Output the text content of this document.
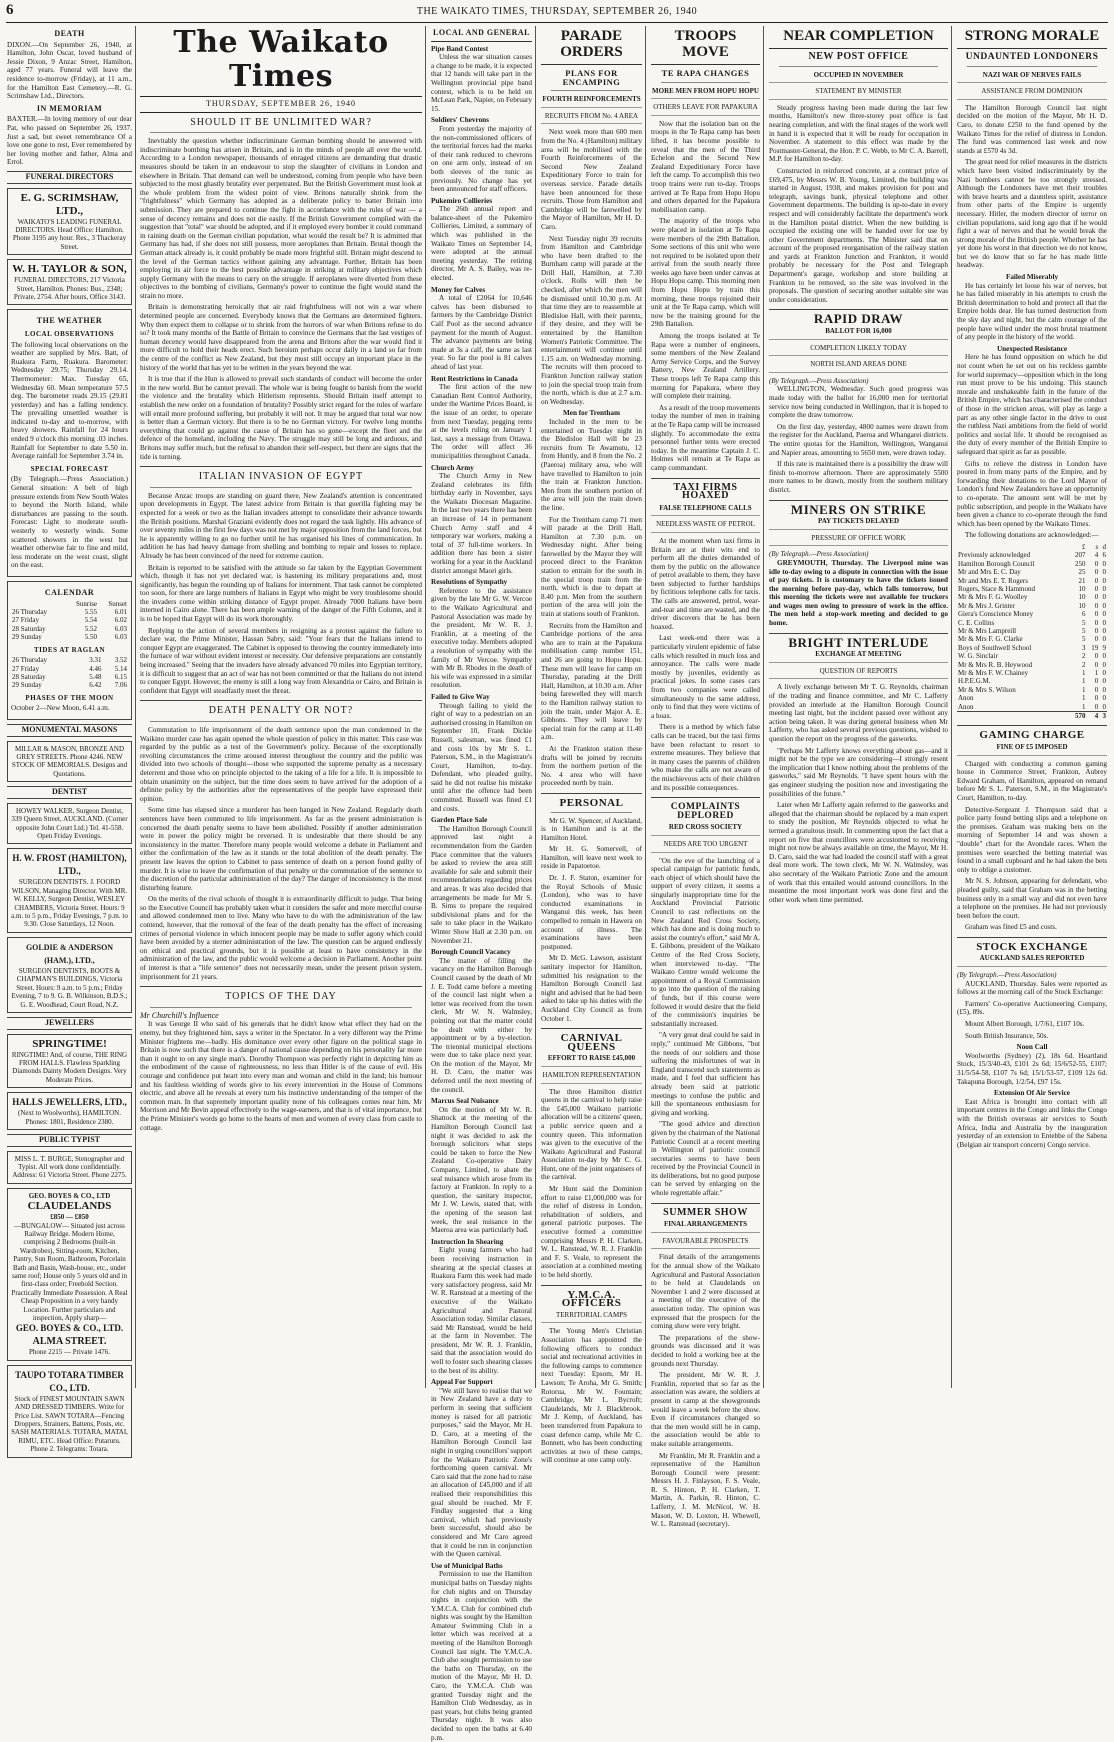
6	THE WAIKATO TIMES, THURSDAY, SEPTEMBER 26, 1940
DEATH

DIXON.—On September 26, 1940, at Hamilton, John Oscar, loved husband of Jessie Dixon, 9 Anzac Street, Hamilton, aged 77 years. Funeral will leave the residence to-morrow (Friday), at 11 a.m., for the Hamilton East Cemetery.—R. G. Scrimshaw Ltd., Directors.

IN MEMORIAM

BAXTER.—In loving memory of our dear Pat, who passed on September 26, 1937. Just a sad, but sweet remembrance Of a love one gone to rest, Ever remembered by her loving mother and father, Alma and Errol.

FUNERAL DIRECTORS
E. G. SCRIMSHAW, LTD.,
WAIKATO'S LEADING FUNERAL DIRECTORS. Head Office: Hamilton. Phone 3195 any hour. Res., 3 Thackeray Street.
W. H. TAYLOR & SON,
FUNERAL DIRECTORS, 217 Victoria Street, Hamilton. Phones: Bus., 2348; Private, 2754. After hours, Office 3143.
THE WEATHER
LOCAL OBSERVATIONS

The following local observations on the weather are supplied by Mrs. Batt, of Ruakura Farm, Ruakura. Barometer: Wednesday 29.75; Thursday 29.14. Thermometer: Max. Tuesday 65, Wednesday 60. Mean temperature 57.5 deg. The barometer reads 29.15 (29.81 yesterday) and has a falling tendency. The prevailing unsettled weather is indicated to-day and to-morrow, with heavy showers. Rainfall for 24 hours ended 9 o'clock this morning .03 inches. Rainfall for September to date 5.50 in. Average rainfall for September 3.74 in.

SPECIAL FORECAST

(By Telegraph.—Press Association.) General situation: A belt of high pressure extends from New South Wales to beyond the North Island, while disturbances are passing to the south. Forecast: Light to moderate south-westerly to westerly winds. Some scattered showers in the west but weather otherwise fair to fine and mild, less moderate on the west coast, slight on the east.

CALENDAR
	Sunrise	Sunset
26 Thursday	5.55	6.01
27 Friday	5.54	6.02
28 Saturday	5.52	6.03
29 Sunday	5.50	6.03
TIDES AT RAGLAN
26 Thursday	3.31	3.52
27 Friday	4.46	5.14
28 Saturday	5.48	6.15
29 Sunday	6.42	7.06
PHASES OF THE MOON

October 2—New Moon, 6.41 a.m.

MONUMENTAL MASONS
MILLAR & MASON, BRONZE AND GREY STREETS. Phone 4246. NEW STOCK OF MEMORIALS. Designs and Quotations.
DENTIST
HOWEY WALKER, Surgeon Dentist, 339 Queen Street, AUCKLAND. (Corner opposite John Court Ltd.) Tel. 41-558. Open Friday Evenings.
H. W. FROST (HAMILTON), LTD.,
SURGEON DENTISTS. J. FOORD WILSON, Managing Director. With MR. W. KELLY, Surgeon Dentist, WESLEY CHAMBERS, Victoria Street. Hours: 9 a.m. to 5 p.m., Friday Evenings, 7 p.m. to 9.30. Close Saturdays, 12 Noon.
GOLDIE & ANDERSON (HAM.), LTD.,
SURGEON DENTISTS, BOOTS & CHAPMAN'S BUILDINGS, Victoria Street. Hours: 9 a.m. to 5 p.m.; Friday Evening, 7 to 9. G. B. Wilkinson, B.D.S.; G. E. Woodhead, Court Road, N.Z.
JEWELLERS
SPRINGTIME!
RINGTIME! And, of course, THE RING FROM HALLS. Flawless Sparkling Diamonds Dainty Modern Designs. Very Moderate Prices.
HALLS JEWELLERS, LTD.,
(Next to Woolworths), HAMILTON. Phones: 1801, Residence 2380.
PUBLIC TYPIST
MISS L. T. BURGE, Stenographer and Typist. All work done confidentially. Address: 61 Victoria Street. Phone 2275.
GEO. BOYES & CO., LTD
CLAUDELANDS
£850 — £850
—BUNGALOW— Situated just across Railway Bridge. Modern Home, comprising 2 Bedrooms (built-in Wardrobes), Sitting-room, Kitchen, Pantry, Sun Room, Bathroom, Porcelain Bath and Basin, Wash-house, etc., under same roof; House only 5 years old and in first-class order; Freehold Section. Practically Immediate Possession. A Real Cheap Proposition in a very handy Location. Further particulars and inspection, Apply sharp—
GEO. BOYES & CO., LTD.
ALMA STREET.
Phone 2215 — Private 1476.
TAUPO TOTARA TIMBER CO., LTD.
Stock of FINEST MOUNTAIN SAWN AND DRESSED TIMBERS. Write for Price List. SAWN TOTARA—Fencing Droppers, Strainers, Battens, Posts, etc. SASH MATERIALS. TOTARA, MATAI, RIMU, ETC. Head Office: Putaruru. Phone 2. Telegrams: Totara.
The Waikato Times
THURSDAY, SEPTEMBER 26, 1940
SHOULD IT BE UNLIMITED WAR?

Inevitably the question whether indiscriminate German bombing should be answered with indiscriminate bombing has arisen in Britain, and is in the minds of people all over the world. According to a London newspaper, thousands of enraged citizens are demanding that drastic measures should be taken in an endeavour to stop the slaughter of civilians in London and elsewhere in Britain. That demand can well be understood, coming from people who have been subjected to the most ghastly brutality ever perpetrated. But the British Government must look at the whole problem from the widest point of view. Britons naturally shrink from the "frightfulness" which Germany has adopted as a deliberate policy to batter Britain into submission. They are prepared to continue the fight in accordance with the rules of war — a sense of decency remains and does not die easily. If the British Government complied with the suggestion that "total" war should be adopted, and if it employed every bomber it could command in raining death on the German civilian population, what would the result be? It is admitted that Germany has had, if she does not still possess, more aeroplanes than Britain. Brutal though the German attack already is, it could probably be made more frightful still. Britain might descend to the level of the German tactics without gaining any advantage. Further, Britain has been employing its air force to the best possible advantage in striking at military objectives which supply Germany with the means to carry on the struggle. If aeroplanes were diverted from these objectives to the bombing of civilians, Germany's power to continue the fight would stand the strain no more.

Britain is demonstrating heroically that air raid frightfulness will not win a war where determined people are concerned. Everybody knows that the Germans are determined fighters. Why then expect them to collapse or to shrink from the horrors of war when Britons refuse to do so? It took many months of the Battle of Britain to convince the Germans that the last vestiges of human decency would have disappeared from the arena and Britons after the war would find it more difficult to hold their heads erect. Such heroism perhaps occur daily in a land so far from the centre of the conflict as New Zealand, but they must still occupy an important place in the history of the world that has yet to be written in the years beyond the war.

It is true that if the Hun is allowed to prevail such standards of conduct will become the order in the new world. But he cannot prevail. The whole war is being fought to banish from the world the violence and the brutality which Hitlerism represents. Should Britain itself attempt to establish the new order on a foundation of brutality? Possibly strict regard for the rules of warfare will entail more profound suffering, but probably it will not. It may be argued that total war now is better than a German victory. But there is to be no German victory. For twelve long months everything that could go against the cause of Britain has so gone—except the fleet and the defence of the homeland, including the Navy. The struggle may still be long and arduous, and Britons may suffer much, but the refusal to abandon their self-respect, but there are signs that the tide is turning.

ITALIAN INVASION OF EGYPT

Because Anzac troops are standing on guard there, New Zealand's attention is concentrated upon developments in Egypt. The latest advice from Britain is that guerilla fighting may be expected for a week or two as the Italian invaders attempt to consolidate their advance towards the British positions. Marshal Graziani evidently does not regard the task lightly. His advance of over seventy miles in the first few days was not met by major opposition from the land forces, but he is apparently willing to go no further until he has organised his lines of communication. In addition he has had heavy damage from shelling and bombing to repair and losses to replace. Already he has been convinced of the need for extreme caution.

Britain is reported to be satisfied with the attitude so far taken by the Egyptian Government which, though it has not yet declared war, is hastening its military preparations and, most significantly, has begun the rounding up of Italians for internment. That task cannot be completed too soon, for there are large numbers of Italians in Egypt who might be very troublesome should the invaders come within striking distance of Egypt proper. Already 7000 Italians have been interned in Cairo alone. There has been ample warning of the danger of the Fifth Column, and it is to be hoped that Egypt will do its work thoroughly.

Replying to the action of several members in resigning as a protest against the failure to declare war, the Prime Minister, Hassan Sabry, said: "Your fears that the Italians intend to conquer Egypt are exaggerated. The Cabinet is opposed to throwing the country immediately into the furnace of war without evident interest or necessity. Our defensive preparations are constantly being increased." Seeing that the invaders have already advanced 70 miles into Egyptian territory, it is difficult to suggest that an act of war has not been committed or that the Italians do not intend to conquer Egypt. However, the enemy is still a long way from Alexandria or Cairo, and Britain is confident that Egypt will steadfastly meet the threat.

DEATH PENALTY OR NOT?

Commutation to life imprisonment of the death sentence upon the man condemned in the Waikino murder case has again opened the whole question of policy in this matter. This case was regarded by the public as a test of the Government's policy. Because of the exceptionally revolting circumstances the crime aroused interest throughout the country and the public was divided into two schools of thought—those who supported the supreme penalty as a necessary deterrent and those who on principle objected to the taking of a life for a life. It is impossible to obtain unanimity on the subject, but the time does seem to have arrived for the adoption of a definite policy by the authorities after the representatives of the people have expressed their opinion.

Some time has elapsed since a murderer has been hanged in New Zealand. Regularly death sentences have been commuted to life imprisonment. As far as the present administration is concerned the death penalty seems to have been abolished. Possibly if another administration were in power the policy might be reversed. It is undesirable that there should be any inconsistency in the matter. Therefore many people would welcome a debate in Parliament and either the confirmation of the law as it stands or the total abolition of the death penalty. The present law leaves the option to Cabinet to pass sentence of death on a person found guilty of murder. It is wise to leave the confirmation of that penalty or the commutation of the sentence to the discretion of the particular administration of the day? The danger of inconsistency is the most disturbing feature.

On the merits of the rival schools of thought it is extraordinarily difficult to judge. That being so the Executive Council has probably taken what it considers the safer and more merciful course and allowed condemned men to live. Many who have to do with the administration of the law contend, however, that the removal of the fear of the death penalty has the effect of increasing crimes of personal violence in which innocent people may be made to suffer agony which could have been avoided by a sterner administration of the law. The question can be argued endlessly on ethical and practical grounds, but it is possible at least to have consistency in the administration of the law, and the public would welcome a decision in Parliament. Another point of interest is that a "life sentence" does not necessarily mean, under the present prison system, imprisonment for 21 years.

TOPICS OF THE DAY
Mr Churchill's Influence

It was George II who said of his generals that he didn't know what effect they had on the enemy, but they frightened him, says a writer in the Spectator. In a very different way the Prime Minister frightens me—badly. His dominance over every other figure on the political stage in Britain is now such that there is a danger of national cause depending on his personality far more than it ought to on any single man's. Dorothy Thompson was perfectly right in depicting him as the embodiment of the cause of righteousness, no less than Hitler is of the cause of evil. His courage and confidence put heart into every man and woman and child in the land; his humour and his faultless wielding of words give to his every intervention in the House of Commons electric, and above all he reveals at every turn his instinctive understanding of the temper of the common man. In that supremely important quality none of his colleagues comes near him. Mr Morrison and Mr Bevin appeal effectively to the wage-earners, and that is of vital importance, but the Prime Minister's words go home to the hearts of men and women of every class from castle to cottage.

LOCAL AND GENERAL
Pipe Band Contest

Unless the war situation causes a change to be made, it is expected that 12 bands will take part in the Wellington provincial pipe band contest, which is to be held on McLean Park, Napier, on February 15.

Soldiers' Chevrons

From yesterday the majority of the non-commissioned officers of the territorial forces had the marks of their rank reduced to chevrons on one arm only, instead of on both sleeves of the tunic as previously. No change has yet been announced for staff officers.

Pukemiro Collieries

The 26th annual report and balance-sheet of the Pukemiro Collieries, Limited, a summary of which was published in the Waikato Times on September 14, were adopted at the annual meeting yesterday. The retiring director, Mr A. S. Bailey, was re-elected.

Money for Calves

A total of £2064 for 10,646 calves has been disbursed to farmers by the Cambridge District Calf Pool as the second advance payment for the month of August. The advance payments are being made at 3s a calf, the same as last year. So far the pool is 81 calves ahead of last year.

Rent Restrictions in Canada

The first action of the new Canadian Rent Control Authority, under the Wartime Prices Board, is the issue of an order, to operate from next Tuesday, pegging rents at the levels ruling on January 1 last, says a message from Ottawa. The order will affect 36 municipalities throughout Canada.

Church Army

The Church Army in New Zealand celebrates its fifth birthday early in November, says the Waikato Diocesan Magazine. In the last two years there has been an increase of 14 in permanent Church Army staff and 4 temporary war workers, making a total of 37 full-time workers. In addition there has been a sister working for a year in the Auckland district amongst Maori girls.

Resolutions of Sympathy

Reference to the assistance given by the late Mr G. W. Vercoe to the Waikato Agricultural and Pastoral Association was made by the president, Mr W. R. J. Franklin, at a meeting of the executive today. Members adopted a resolution of sympathy with the family of Mr Vercoe. Sympathy with Mr B. Rhodes in the death of his wife was expressed in a similar resolution.

Failed to Give Way

Through failing to yield the right of way to a pedestrian on an authorised crossing in Hamilton on September 10, Frank Dickie Russell, salesman, was fined £1 and costs 10s by Mr S. L. Paterson, S.M., in the Magistrate's Court, Hamilton, to-day. Defendant, who pleaded guilty, said he did not realise his mistake until after the offence had been committed. Russell was fined £1 and costs.

Garden Place Sale

The Hamilton Borough Council approved last night a recommendation from the Garden Place committee that the valuers be asked to review the area still available for sale and submit their recommendations regarding prices and areas. It was also decided that arrangements be made for Mr S. B. Sims to prepare the required subdivisional plans and for the sale to take place in the Waikato Winter Show Hall at 2.30 p.m. on November 21.

Borough Council Vacancy

The matter of filling the vacancy on the Hamilton Borough Council caused by the death of Mr J. E. Todd came before a meeting of the council last night when a letter was received from the town clerk, Mr W. N. Walmsley, pointing out that the matter could be dealt with either by appointment or by a by-election. The triennial municipal elections were due to take place next year. On the motion of the Mayor, Mr H. D. Caro, the matter was deferred until the next meeting of the council.

Marcus Seal Nuisance

On the motion of Mr W. R. Shattock at the meeting of the Hamilton Borough Council last night it was decided to ask the borough solicitors what steps could be taken to force the New Zealand Co-operative Dairy Company, Limited, to abate the seal nuisance which arose from its factory at Frankton. In reply to a question, the sanitary inspector, Mr J. W. Lewis, stated that, with the opening of the season last week, the seal nuisance in the Maeroa area was particularly bad.

Instruction In Shearing

Eight young farmers who had been receiving instruction in shearing at the special classes at Ruakura Farm this week had made very satisfactory progress, said Mr W. R. Ranstead at a meeting of the executive of the Waikato Agricultural and Pastoral Association today. Similar classes, said Mr Ranstead, would be held at the farm in November. The president, Mr W. R. J. Franklin, said that the association would do well to foster such shearing classes to the best of its ability.

Appeal For Support

"We still have to realise that we in New Zealand have a duty to perform in seeing that sufficient money is raised for all patriotic purposes," said the Mayor, Mr H. D. Caro, at a meeting of the Hamilton Borough Council last night in urging councillors' support for the Waikato Patriotic Zone's forthcoming queen carnival. Mr Caro said that the zone had to raise an allocation of £45,000 and if all realised their responsibilities this goal should be reached. Mr F. Findlay suggested that a king carnival, which had previously been successful, should also be considered and Mr Caro agreed that it could be run in conjunction with the Queen carnival.

Use of Municipal Baths

Permission to use the Hamilton municipal baths on Tuesday nights for club nights and on Thursday nights in conjunction with the Y.M.C.A. Club for combined club nights was sought by the Hamilton Amateur Swimming Club in a letter which was received at a meeting of the Hamilton Borough Council last night. The Y.M.C.A. Club also sought permission to use the baths on Thursday, on the motion of the Mayor, Mr H. D. Caro, the Y.M.C.A. Club was granted Tuesday night and the Hamilton Club Wednesday, as in past years, but clubs being granted Thursday night. It was also decided to open the baths at 6.40 p.m.

PARADE ORDERS
PLANS FOR ENCAMPING
FOURTH REINFORCEMENTS
RECRUITS FROM No. 4 AREA

Next week more than 600 men from the No. 4 (Hamilton) military area will be mobilised with the Fourth Reinforcements of the Second New Zealand Expeditionary Force to train for overseas service. Parade details have been announced for these recruits. Those from Hamilton and Cambridge will be farewelled by the Mayor of Hamilton, Mr H. D. Caro.

Next Tuesday night 39 recruits from Hamilton and Cambridge who have been drafted to the Burnham camp will parade at the Drill Hall, Hamilton, at 7.30 o'clock. Rolls will then be checked, after which the men will be dismissed until 10.30 p.m. At that time they are to reassemble at Bledisloe Hall, with their parents, if they desire, and they will be entertained by the Hamilton Women's Patriotic Committee. The entertainment will continue until 1.15 a.m. on Wednesday morning. The recruits will then proceed to Frankton Junction railway station to join the special troop train from the north, which is due at 2.7 a.m. on Wednesday.

Men for Trentham

Included in the men to be entertained on Tuesday night in the Bledisloe Hall will be 23 recruits from Te Awamutu, 12 from Huntly, and 8 from the No. 2 (Paeroa) military area, who will have travelled to Hamilton to join the train at Frankton Junction. Men from the southern portion of the area will join the train down the line.

For the Trentham camp 71 men will parade at the Drill Hall, Hamilton at 7.30 p.m. on Wednesday night. After being farewelled by the Mayor they will proceed direct to the Frankton station to entrain for the south in the special troop train from the north, which is due to depart at 8.40 p.m. Men from the southern portion of the area will join the train at stations south of Frankton.

Recruits from the Hamilton and Cambridge portions of the area who are to train at the Papakura mobilisation camp number 151, and 26 are going to Hopu Hopu. These men will leave for camp on Thursday, parading at the Drill Hall, Hamilton, at 10.30 a.m. After being farewelled they will march to the Hamilton railway station to join the train, under Major A. E. Gibbons. They will leave by special train for the camp at 11.40 a.m.

At the Frankton station these drafts will be joined by recruits from the northern portion of the No. 4 area who will have proceeded north by train.

PERSONAL

Mr G. W. Spencer, of Auckland, is in Hamilton and is at the Hamilton Hotel.

Mr H. G. Somervell, of Hamilton, will leave next week to reside in Papatoetoe.

Dr. J. F. Staton, examiner for the Royal Schools of Music (London), who was to have conducted examinations in Wanganui this week, has been compelled to remain in Hawera on account of illness. The examinations have been postponed.

Mr D. McG. Lawson, assistant sanitary inspector for Hamilton, submitted his resignation to the Hamilton Borough Council last night and advised that he had been asked to take up his duties with the Auckland City Council as from October 1.

CARNIVAL QUEENS
EFFORT TO RAISE £45,000
HAMILTON REPRESENTATION

The three Hamilton district queens in the carnival to help raise the £45,000 Waikato patriotic allocation will be a citizens' queen, a public service queen and a country queen. This information was given to the executive of the Waikato Agricultural and Pastoral Association to-day by Mr C. G. Hunt, one of the joint organisers of the carnival.

Mr Hunt said the Dominion effort to raise £1,000,000 was for the relief of distress in London, rehabilitation of soldiers, and general patriotic purposes. The executive formed a committee comprising Messrs P. H. Clarken, W. L. Ranstead, W. R. J. Franklin and F. S. Veale, to represent the association at a combined meeting to be held shortly.

Y.M.C.A. OFFICERS
TERRITORIAL CAMPS

The Young Men's Christian Association has appointed the following officers to conduct social and recreational activities in the following camps to commence next Tuesday: Epsom, Mr H. Lawson; Te Aroha, Mr G. Smith; Rotorua, Mr W. Fountain; Cambridge, Mr L. Bycroft; Claudelands, Mr J. Blackbrook. Mr J. Kemp, of Auckland, has been transferred from Papakura to coast defence camp, while Mr C. Bonnett, who has been conducting activities at two of these camps, will continue at one camp only.

TROOPS MOVE
TE RAPA CHANGES
MORE MEN FROM HOPU HOPU
OTHERS LEAVE FOR PAPAKURA

Now that the isolation ban on the troops in the Te Rapa camp has been lifted, it has become possible to reveal that the men of the Third Echelon and the Second New Zealand Expeditionary Force have left the camp. To accomplish this two troop trains were run to-day. Troops arrived at Te Rapa from Hopu Hopu and others departed for the Papakura mobilisation camp.

The majority of the troops who were placed in isolation at Te Rapa were members of the 29th Battalion. Some sections of this unit who were not required to be isolated upon their arrival from the south nearly three weeks ago have been under canvas at Hopu Hopu camp. This morning men from Hopu Hopu by train this morning, these troops rejoined their unit at the Te Rapa camp, which will now be the training ground for the 29th Battalion.

Among the troops isolated at Te Rapa were a number of engineers, some members of the New Zealand Army Service Corps, and the Survey Battery, New Zealand Artillery. These troops left Te Rapa camp this morning for Papakura, where they will complete their training.

As a result of the troop movements today the number of men in training at the Te Rapa camp will be increased slightly. To accommodate the extra personnel further tents were erected today. In the meantime Captain J. C. Holmes will remain at Te Rapa as camp commandant.

TAXI FIRMS HOAXED
FALSE TELEPHONE CALLS
NEEDLESS WASTE OF PETROL

At the moment when taxi firms in Britain are at their wits end to perform all the duties demanded of them by the public on the allowance of petrol available to them, they have been subjected to further hardships by fictitious telephone calls for taxis. The calls are answered, petrol, wear-and-tear and time are wasted, and the driver discovers that he has been hoaxed.

Last week-end there was a particularly virulent epidemic of false calls which resulted in much loss and annoyance. The calls were made mostly by juveniles, evidently as practical jokes. In some cases cars from two companies were called simultaneously to the same address, only to find that they were victims of a hoax.

There is a method by which false calls can be traced, but the taxi firms have been reluctant to resort to extreme measures. They believe that in many cases the parents of children who make the calls are not aware of the mischievous acts of their children and its possible consequences.

COMPLAINTS DEPLORED
RED CROSS SOCIETY
NEEDS ARE TOO URGENT

"On the eve of the launching of a special campaign for patriotic funds, each object of which should have the support of every citizen, it seems a singularly inappropriate time for the Auckland Provincial Patriotic Council to cast reflections on the New Zealand Red Cross Society, which has done and is doing much to assist the country's effort," said Mr A. E. Gibbons, president of the Waikato Centre of the Red Cross Society, when interviewed to-day. "The Waikato Centre would welcome the appointment of a Royal Commission to go into the question of the raising of funds, but if this course were followed it would desire that the field of the commission's inquiries be substantially increased.

"A very great deal could be said in reply," continued Mr Gibbons, "but the needs of our soldiers and those suffering the misfortunes of war in England transcend such statements as made, and I feel that sufficient has already been said at patriotic meetings to confuse the public and kill the spontaneous enthusiasm for giving and working.

"The good advice and direction given by the chairman of the National Patriotic Council at a recent meeting in Wellington of patriotic council secretaries seems to have been received by the Provincial Council in its deliberations, but no good purpose can be served by enlarging on the whole regrettable affair."

SUMMER SHOW
FINAL ARRANGEMENTS
FAVOURABLE PROSPECTS

Final details of the arrangements for the annual show of the Waikato Agricultural and Pastoral Association to be held at Claudelands on November 1 and 2 were discussed at a meeting of the executive of the association today. The opinion was expressed that the prospects for the coming show were very bright.

The preparations of the show-grounds was discussed and it was decided to hold a working bee at the grounds next Thursday.

The president, Mr W. R. J. Franklin, reported that so far as the association was aware, the soldiers at present in camp at the showgrounds would leave a week before the show. Even if circumstances changed so that the men would still be in camp, the association would be able to make suitable arrangements.

Mr Franklin, Mr R. Franklin and a representative of the Hamilton Borough Council were present: Messrs H. J. Finlayson, F. S. Veale, R. S. Hinton, P. H. Clarken, T. Martin, A. Parkin, R. Hinton, C. Lafferty, J. M. McNicol, W. H. Mason, W. D. Loxton, H. Whewell, W. L. Ranstead (secretary).

NEAR COMPLETION
NEW POST OFFICE
OCCUPIED IN NOVEMBER
STATEMENT BY MINISTER

Steady progress having been made during the last few months, Hamilton's new three-storey post office is fast nearing completion, and with the final stages of the work well in hand it is expected that it will be ready for occupation in November. A statement to this effect was made by the Postmaster-General, the Hon. P. C. Webb, to Mr C. A. Barrell, M.P. for Hamilton to-day.

Constructed in reinforced concrete, at a contract price of £69,475, by Messrs W. B. Young, Limited, the building was started in August, 1938, and makes provision for post and telegraph, savings bank, physical telephone and other Government departments. The building is up-to-date in every respect and will considerably facilitate the department's work in the Hamilton postal district. When the new building is occupied the existing one will be handed over for use by other Government departments. The Minister said that on account of the proposed reorganisation of the railway station and yards at Frankton Junction and Frankton, it would probably be necessary for the Post and Telegraph Department's garage, workshop and store building at Frankton to be removed, so the site was involved in the proposals. The question of securing another suitable site was under consideration.

RAPID DRAW
BALLOT FOR 16,000
COMPLETION LIKELY TODAY
NORTH ISLAND AREAS DONE
(By Telegraph.—Press Association)

WELLINGTON, Wednesday. Such good progress was made today with the ballot for 16,000 men for territorial service now being conducted in Wellington, that it is hoped to complete the draw tomorrow.

On the first day, yesterday, 4800 names were drawn from the register for the Auckland, Paeroa and Whangarei districts. The entire quotas for the Hamilton, Wellington, Wanganui and Napier areas, amounting to 5650 men, were drawn today.

If this rate is maintained there is a possibility the draw will finish to-morrow afternoon. There are approximately 5500 more names to be drawn, mostly from the southern military district.

MINERS ON STRIKE
PAY TICKETS DELAYED
PRESSURE OF OFFICE WORK
(By Telegraph.—Press Association)

GREYMOUTH, Thursday. The Liverpool mine was idle to-day owing to a dispute in connection with the issue of pay tickets. It is customary to have the tickets issued the morning before pay-day, which falls tomorrow, but this morning the tickets were not available for truckers and wages men owing to pressure of work in the office. The men held a stop-work meeting and decided to go home.

BRIGHT INTERLUDE
EXCHANGE AT MEETING
QUESTION OF REPORTS

A lively exchange between Mr T. G. Reynolds, chairman of the trading and finance committee, and Mr C. Lafferty provided an interlude at the Hamilton Borough Council meeting last night, but the incident passed over without any action being taken. It was during general business when Mr Lafferty, who has asked several previous questions, wished to question the report on the progress of the gasworks.

"Perhaps Mr Lafferty knows everything about gas—and it might not be the type we are considering—I strongly resent the implication that I know nothing about the problems of the gasworks," said Mr Reynolds. "I have spent hours with the gas engineer studying the position now and investigating the possibilities of the future."

Later when Mr Lafferty again referred to the gasworks and alleged that the chairman should be replaced by a man expert to study the position, Mr Reynolds objected to what he termed a gratuitous insult. In commenting upon the fact that a report on five that councillors were accustomed to receiving might not now be always available on time, the Mayor, Mr H. D. Caro, said the war had loaded the council staff with a great deal more work. The town clerk, Mr W. N. Walmsley, was also secretary of the Waikato Patriotic Zone and the amount of work that this entailed would astound councillors. In the meantime the most important work was done first and the other work when time permitted.

STRONG MORALE
UNDAUNTED LONDONERS
NAZI WAR OF NERVES FAILS
ASSISTANCE FROM DOMINION

The Hamilton Borough Council last night decided on the motion of the Mayor, Mr H. D. Caro, to donate £250 to the fund opened by the Waikato Times for the relief of distress in London. The fund was commenced last week and now stands at £570 4s 3d.

The great need for relief measures in the districts which have been visited indiscriminately by the Nazi bombers cannot be too strongly stressed. Although the Londoners have met their troubles with brave hearts and a dauntless spirit, assistance from other parts of the Empire is urgently necessary. Hitler, the modern director of terror on civilian populations, said long ago that if he would fight a war of nerves and that he would break the strong morale of the British people. Whether he has yet done his worst in that direction we do not know, but we do know that so far he has made little headway.

Failed Miserably

He has certainly let loose his war of nerves, but he has failed miserably in his attempts to crush the British determination to hold and protect all that the Empire holds dear. He has turned destruction from the sky day and night, but the calm courage of the people have wilted under the most brutal treatment of any people in the history of the world.

Unexpected Resistance

Here he has found opposition on which he did not count when he set out on his reckless gamble for world supremacy—opposition which in the long run must prove to be his undoing. This staunch morale and unshakeable faith in the future of the British Empire, which has characterised the conduct of those in the stricken areas, will play as large a part as any other single factor in the drive to oust the ruthless Nazi ambitions from the field of world politics and social life. It should be recognised as the duty of every member of the British Empire to safeguard that spirit as far as possible.

Gifts to relieve the distress in London have poured in from many parts of the Empire, and by forwarding their donations to the Lord Mayor of London's fund New Zealanders have an opportunity to co-operate. The amount sent will be met by public subscription, and people in the Waikato have been given a chance to co-operate through the fund which has been opened by the Waikato Times.

The following donations are acknowledged:—

	£	s	d
Previously acknowledged	207	4	6
Hamilton Borough Council	250	0	0
Mr and Mrs E. C. Day	25	0	0
Mr and Mrs E. T. Rogers	21	0	0
Rogers, Stace & Hammond	10	0	0
Mr & Mrs F. G. Woolley	10	0	0
Mr & Mrs J. Grinter	10	0	0
Giera's Conscience Money	6	0	0
C. E. Collins	5	0	0
Mr & Mrs Lampreill	5	0	0
Mr & Mrs F. G. Clarke	5	0	0
Boys of Southwell School	3	19	9
W. G. Sinclair	2	0	0
Mr & Mrs R. B. Heywood	2	0	0
Mr & Mrs F. W. Chainey	1	1	0
H.P.E.G.M.	1	0	0
Mr & Mrs S. Wilson	1	0	0
Anon	1	0	0
Anon	1	0	0
	570	4	3
GAMING CHARGE
FINE OF £5 IMPOSED

Charged with conducting a common gaming house in Commerce Street, Frankton, Aubrey Edward Graham, of Hamilton, appeared on remand before Mr S. L. Paterson, S.M., in the Magistrate's Court, Hamilton, to-day.

Detective-Sergeant J. Thompson said that a police party found betting slips and a telephone on the premises. Graham was making bets on the morning of September 14 and was shown a "double" chart for the Avondale races. When the premises were searched the betting material was found in a small cupboard and he had taken the bets only to oblige a customer.

Mr N. S. Johnson, appearing for defendant, who pleaded guilty, said that Graham was in the betting business only in a small way and did not even have a telephone on the premises. He had not previously been before the court.

Graham was fined £5 and costs.

STOCK EXCHANGE
AUCKLAND SALES REPORTED
(By Telegraph.—Press Association)

AUCKLAND, Thursday. Sales were reported as follows at the morning call of the Stock Exchange:

Farmers' Co-operative Auctioneering Company, (£5), 89s.

Mount Albert Borough, 1/7/61, £107 10s.

South British Insurance, 50s.

Noon Call

Woolworths (Sydney) (2), 18s 6d. Heartland Stock, 15/3/40-43, £101 2s 6d; 15/6/52-55, £107; 31/5/54-58, £107 7s 6d; 15/1/53-57, £109 12s 6d. Takapuna Borough, 1/2/54, £97 15s.

Extension Of Air Service

East Africa is brought into contact with all important centres in the Congo and links the Congo with the British overseas air services to South Africa, India and Australia by the inauguration yesterday of an extension to Entebbe of the Sabena (Belgian air transport concern) Congo service.
